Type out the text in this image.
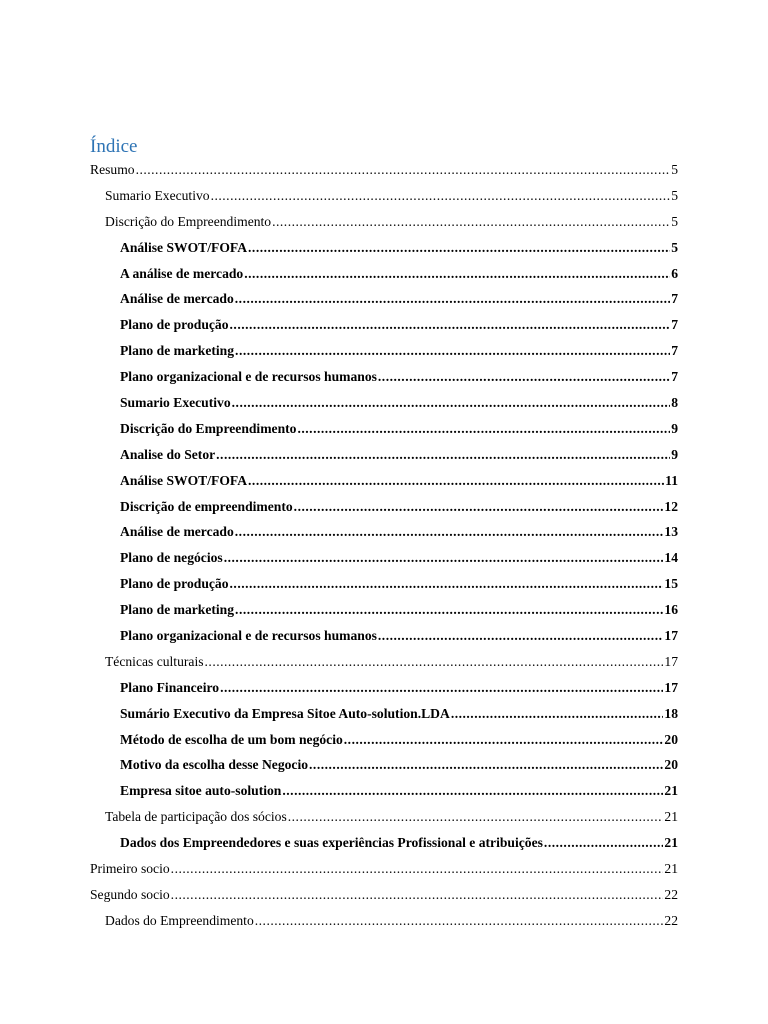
Índice
Resumo .....	5
Sumario Executivo .....	5
Discrição do Empreendimento .....	5
Análise SWOT/FOFA .....	5
A análise de mercado .....	6
Análise de mercado .....	7
Plano de produção .....	7
Plano de marketing .....	7
Plano organizacional e de recursos humanos .....	7
Sumario Executivo .....	8
Discrição do Empreendimento .....	9
Analise do Setor .....	9
Análise SWOT/FOFA .....	11
Discrição de empreendimento .....	12
Análise de mercado .....	13
Plano de negócios .....	14
Plano de produção .....	15
Plano de marketing .....	16
Plano organizacional e de recursos humanos .....	17
Técnicas culturais .....	17
Plano Financeiro .....	17
Sumário Executivo da Empresa Sitoe Auto-solution.LDA .....	18
Método de escolha de um bom negócio .....	20
Motivo da escolha desse Negocio .....	20
Empresa sitoe auto-solution .....	21
Tabela de participação dos sócios .....	21
Dados dos Empreendedores e suas experiências Profissional e atribuições .....	21
Primeiro socio .....	21
Segundo socio .....	22
Dados do Empreendimento .....	22
